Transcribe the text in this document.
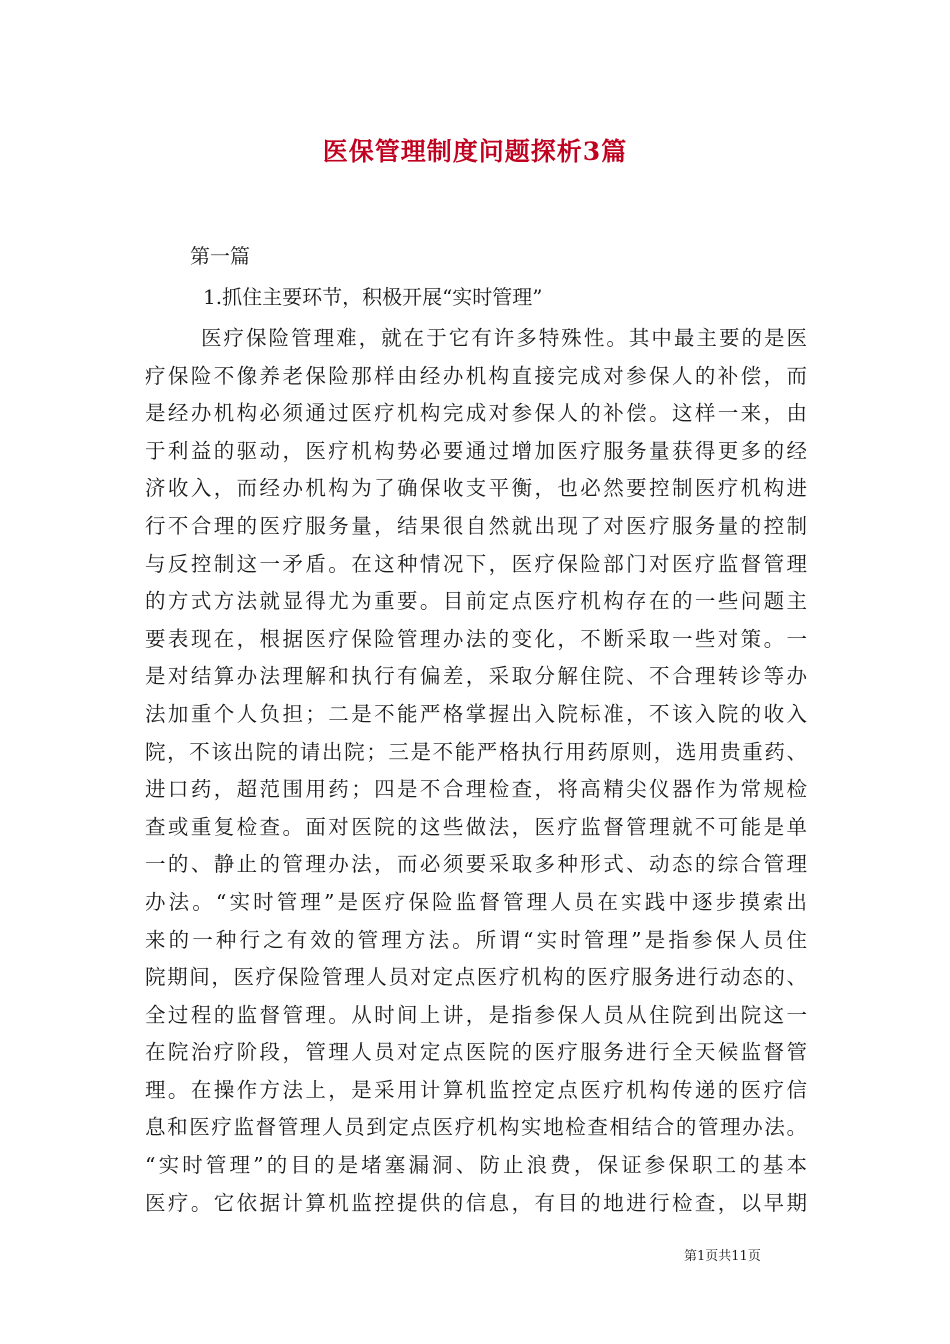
医保管理制度问题探析3篇
第一篇
1.抓住主要环节，积极开展“实时管理”
医疗保险管理难，就在于它有许多特殊性。其中最主要的是医
疗保险不像养老保险那样由经办机构直接完成对参保人的补偿，而
是经办机构必须通过医疗机构完成对参保人的补偿。这样一来，由
于利益的驱动，医疗机构势必要通过增加医疗服务量获得更多的经
济收入，而经办机构为了确保收支平衡，也必然要控制医疗机构进
行不合理的医疗服务量，结果很自然就出现了对医疗服务量的控制
与反控制这一矛盾。在这种情况下，医疗保险部门对医疗监督管理
的方式方法就显得尤为重要。目前定点医疗机构存在的一些问题主
要表现在，根据医疗保险管理办法的变化，不断采取一些对策。一
是对结算办法理解和执行有偏差，采取分解住院、不合理转诊等办
法加重个人负担；二是不能严格掌握出入院标准，不该入院的收入
院，不该出院的请出院；三是不能严格执行用药原则，选用贵重药、
进口药，超范围用药；四是不合理检查，将高精尖仪器作为常规检
查或重复检查。面对医院的这些做法，医疗监督管理就不可能是单
一的、静止的管理办法，而必须要采取多种形式、动态的综合管理
办法。“实时管理”是医疗保险监督管理人员在实践中逐步摸索出
来的一种行之有效的管理方法。所谓“实时管理”是指参保人员住
院期间，医疗保险管理人员对定点医疗机构的医疗服务进行动态的、
全过程的监督管理。从时间上讲，是指参保人员从住院到出院这一
在院治疗阶段，管理人员对定点医院的医疗服务进行全天候监督管
理。在操作方法上，是采用计算机监控定点医疗机构传递的医疗信
息和医疗监督管理人员到定点医疗机构实地检查相结合的管理办法。
“实时管理”的目的是堵塞漏洞、防止浪费，保证参保职工的基本
医疗。它依据计算机监控提供的信息，有目的地进行检查，以早期
第1页共11页
